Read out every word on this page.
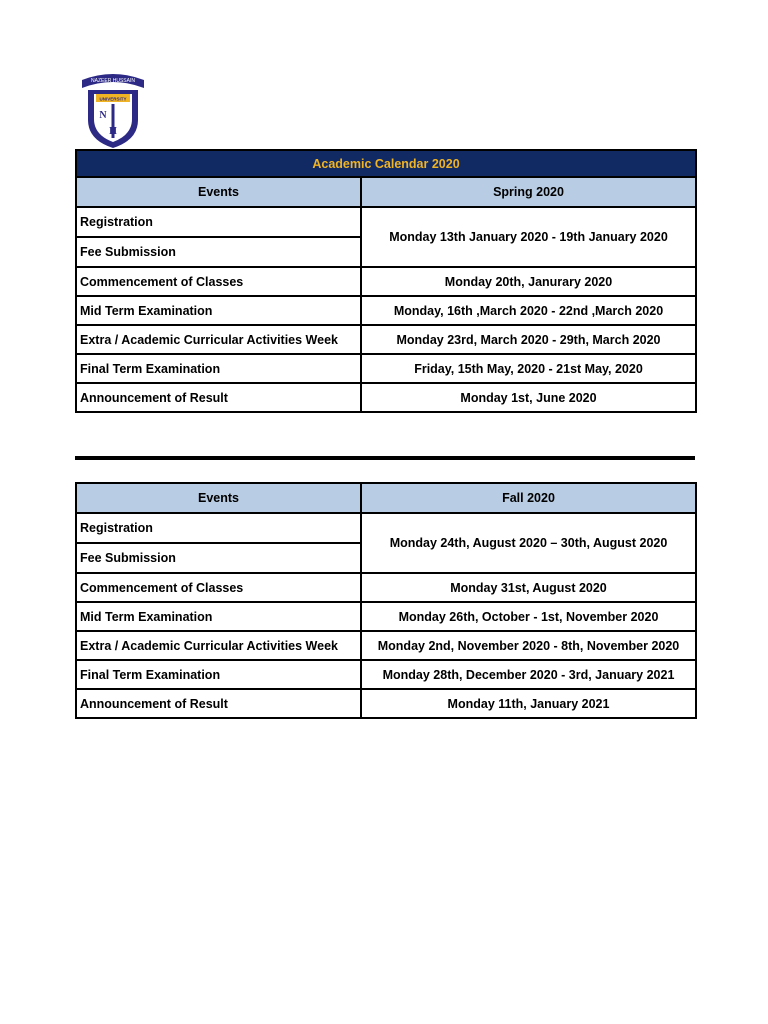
NAZEER HUSSAIN
UNIVERSITY
N
H
Academic Calendar 2020	
Events	Spring 2020
Registration	Monday 13th January 2020 - 19th January 2020
Fee Submission	
Commencement of Classes	Monday 20th, Janurary 2020
Mid Term Examination	Monday, 16th ,March 2020 - 22nd ,March 2020
Extra / Academic Curricular Activities Week	Monday 23rd, March 2020 - 29th, March 2020
Final Term Examination	Friday, 15th May, 2020 - 21st May, 2020
Announcement of Result	Monday 1st, June 2020
Events	Fall 2020
Registration	Monday 24th, August 2020 – 30th, August 2020
Fee Submission	
Commencement of Classes	Monday 31st, August 2020
Mid Term Examination	Monday 26th, October - 1st, November 2020
Extra / Academic Curricular Activities Week	Monday 2nd, November 2020 - 8th, November 2020
Final Term Examination	Monday 28th, December 2020 - 3rd, January 2021
Announcement of Result	Monday 11th, January 2021
